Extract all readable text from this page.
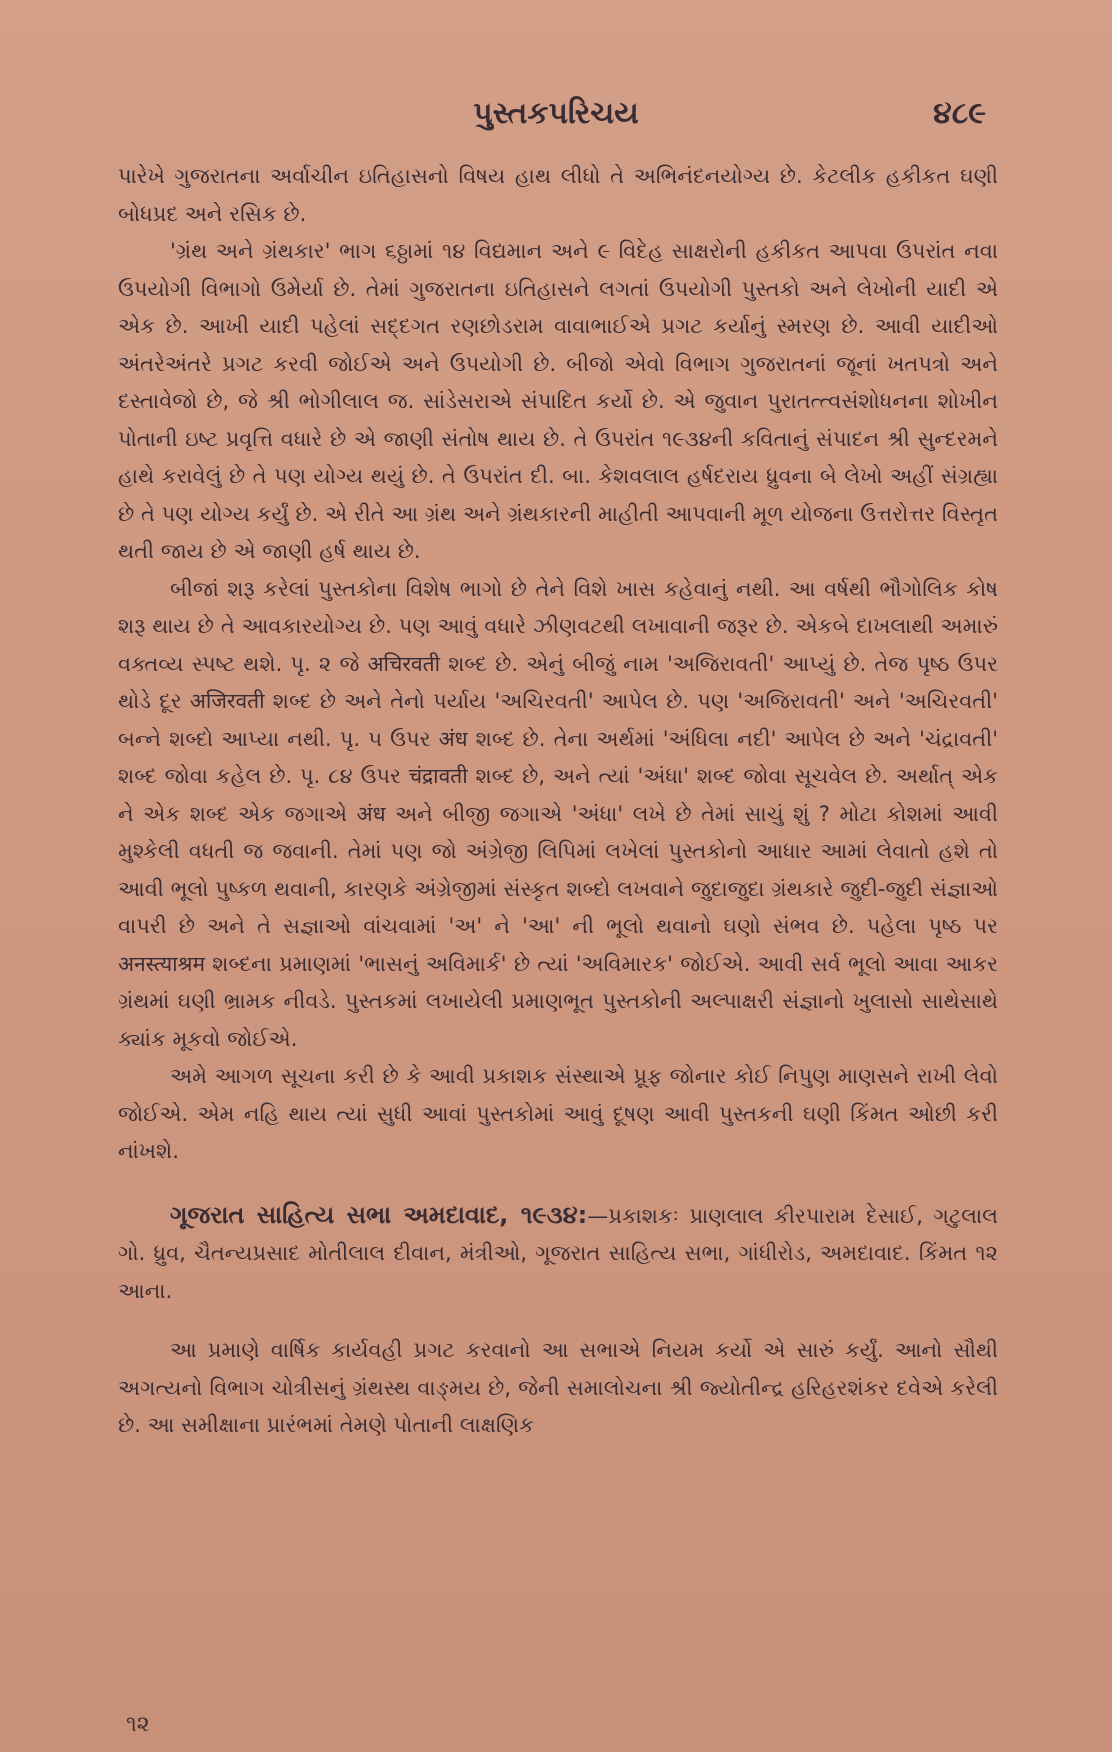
પુસ્તકપરિચય	૪૮૯

પારેખે ગુજરાતના અર્વાચીન ઇતિહાસનો વિષય હાથ લીધો તે અભિનંદનયોગ્ય છે. કેટલીક હકીકત ઘણી બોધપ્રદ અને રસિક છે.

'ગ્રંથ અને ગ્રંથકાર' ભાગ ૬ઠ્ઠામાં ૧૪ વિદ્યમાન અને ૯ વિદેહ સાક્ષરોની હકીકત આપવા ઉપરાંત નવા ઉપયોગી વિભાગો ઉમેર્યા છે. તેમાં ગુજરાતના ઇતિહાસને લગતાં ઉપયોગી પુસ્તકો અને લેખોની યાદી એ એક છે. આખી યાદી પહેલાં સદ્દગત રણછોડરામ વાવાભાઈએ પ્રગટ કર્યાનું સ્મરણ છે. આવી યાદીઓ અંતરેઅંતરે પ્રગટ કરવી જોઈએ અને ઉપયોગી છે. બીજો એવો વિભાગ ગુજરાતનાં જૂનાં ખતપત્રો અને દસ્તાવેજો છે, જે શ્રી ભોગીલાલ જ. સાંડેસરાએ સંપાદિત કર્યો છે. એ જુવાન પુરાતત્ત્વસંશોધનના શોખીન પોતાની ઇષ્ટ પ્રવૃત્તિ વધારે છે એ જાણી સંતોષ થાય છે. તે ઉપરાંત ૧૯૩૪ની કવિતાનું સંપાદન શ્રી સુન્દરમને હાથે કરાવેલું છે તે પણ યોગ્ય થયું છે. તે ઉપરાંત દી. બા. કેશવલાલ હર્ષદરાય ધ્રુવના બે લેખો અહીં સંગ્રહ્યા છે તે પણ યોગ્ય કર્યું છે. એ રીતે આ ગ્રંથ અને ગ્રંથકારની માહીતી આપવાની મૂળ યોજના ઉત્તરોત્તર વિસ્તૃત થતી જાય છે એ જાણી હર્ષ થાય છે.

બીજાં શરૂ કરેલાં પુસ્તકોના વિશેષ ભાગો છે તેને વિશે ખાસ કહેવાનું નથી. આ વર્ષથી ભૌગોલિક કોષ શરૂ થાય છે તે આવકારયોગ્ય છે. પણ આવું વધારે ઝીણવટથી લખાવાની જરૂર છે. એકબે દાખલાથી અમારું વક્તવ્ય સ્પષ્ટ થશે. પૃ. ૨ જે अचिरवती શબ્દ છે. એનું બીજું નામ 'અજિરાવતી' આપ્યું છે. તેજ પૃષ્ઠ ઉપર થોડે દૂર अजिरवती શબ્દ છે અને તેનો પર્યાય 'અચિરવતી' આપેલ છે. પણ 'અજિરાવતી' અને 'અચિરવતી' બન્ને શબ્દો આપ્યા નથી. પૃ. ૫ ઉપર अंध શબ્દ છે. તેના અર્થમાં 'અંધિલા નદી' આપેલ છે અને 'ચંદ્રાવતી' શબ્દ જોવા કહેલ છે. પૃ. ૮૪ ઉપર चंद्रावती શબ્દ છે, અને ત્યાં 'અંધા' શબ્દ જોવા સૂચવેલ છે. અર્થાત્ એક ને એક શબ્દ એક જગાએ अंध અને બીજી જગાએ 'અંધા' લખે છે તેમાં સાચું શું ? મોટા કોશમાં આવી મુશ્કેલી વધતી જ જવાની. તેમાં પણ જો અંગ્રેજી લિપિમાં લખેલાં પુસ્તકોનો આધાર આમાં લેવાતો હશે તો આવી ભૂલો પુષ્કળ થવાની, કારણકે અંગ્રેજીમાં સંસ્કૃત શબ્દો લખવાને જુદાજુદા ગ્રંથકારે જુદી-જુદી સંજ્ઞાઓ વાપરી છે અને તે સજ્ઞાઓ વાંચવામાં 'અ' ને 'આ' ની ભૂલો થવાનો ઘણો સંભવ છે. પહેલા પૃષ્ઠ પર अनस्त्याश्रम શબ્દના પ્રમાણમાં 'ભાસનું અવિમાર્ક' છે ત્યાં 'અવિમારક' જોઈએ. આવી સર્વ ભૂલો આવા આકર ગ્રંથમાં ઘણી ભ્રામક નીવડે. પુસ્તકમાં લખાયેલી પ્રમાણભૂત પુસ્તકોની અલ્પાક્ષરી સંજ્ઞાનો ખુલાસો સાથેસાથે ક્યાંક મૂકવો જોઈએ.

અમે આગળ સૂચના કરી છે કે આવી પ્રકાશક સંસ્થાએ પ્રૂફ જોનાર કોઈ નિપુણ માણસને રાખી લેવો જોઈએ. એમ નહિ થાય ત્યાં સુધી આવાં પુસ્તકોમાં આવું દૂષણ આવી પુસ્તકની ઘણી કિંમત ઓછી કરી નાંખશે.

ગૂજરાત સાહિત્ય સભા અમદાવાદ, ૧૯૩૪:—પ્રકાશકઃ પ્રાણલાલ કીરપારામ દેસાઈ, ગટુલાલ ગો. ધ્રુવ, ચૈતન્યપ્રસાદ મોતીલાલ દીવાન, મંત્રીઓ, ગૂજરાત સાહિત્ય સભા, ગાંધીરોડ, અમદાવાદ. કિંમત ૧૨ આના.

આ પ્રમાણે વાર્ષિક કાર્યવહી પ્રગટ કરવાનો આ સભાએ નિયમ કર્યો એ સારું કર્યું. આનો સૌથી અગત્યનો વિભાગ ચોત્રીસનું ગ્રંથસ્થ વાઙ્મય છે, જેની સમાલોચના શ્રી જ્યોતીન્દ્ર હરિહરશંકર દવેએ કરેલી છે. આ સમીક્ષાના પ્રારંભમાં તેમણે પોતાની લાક્ષણિક

૧૨
